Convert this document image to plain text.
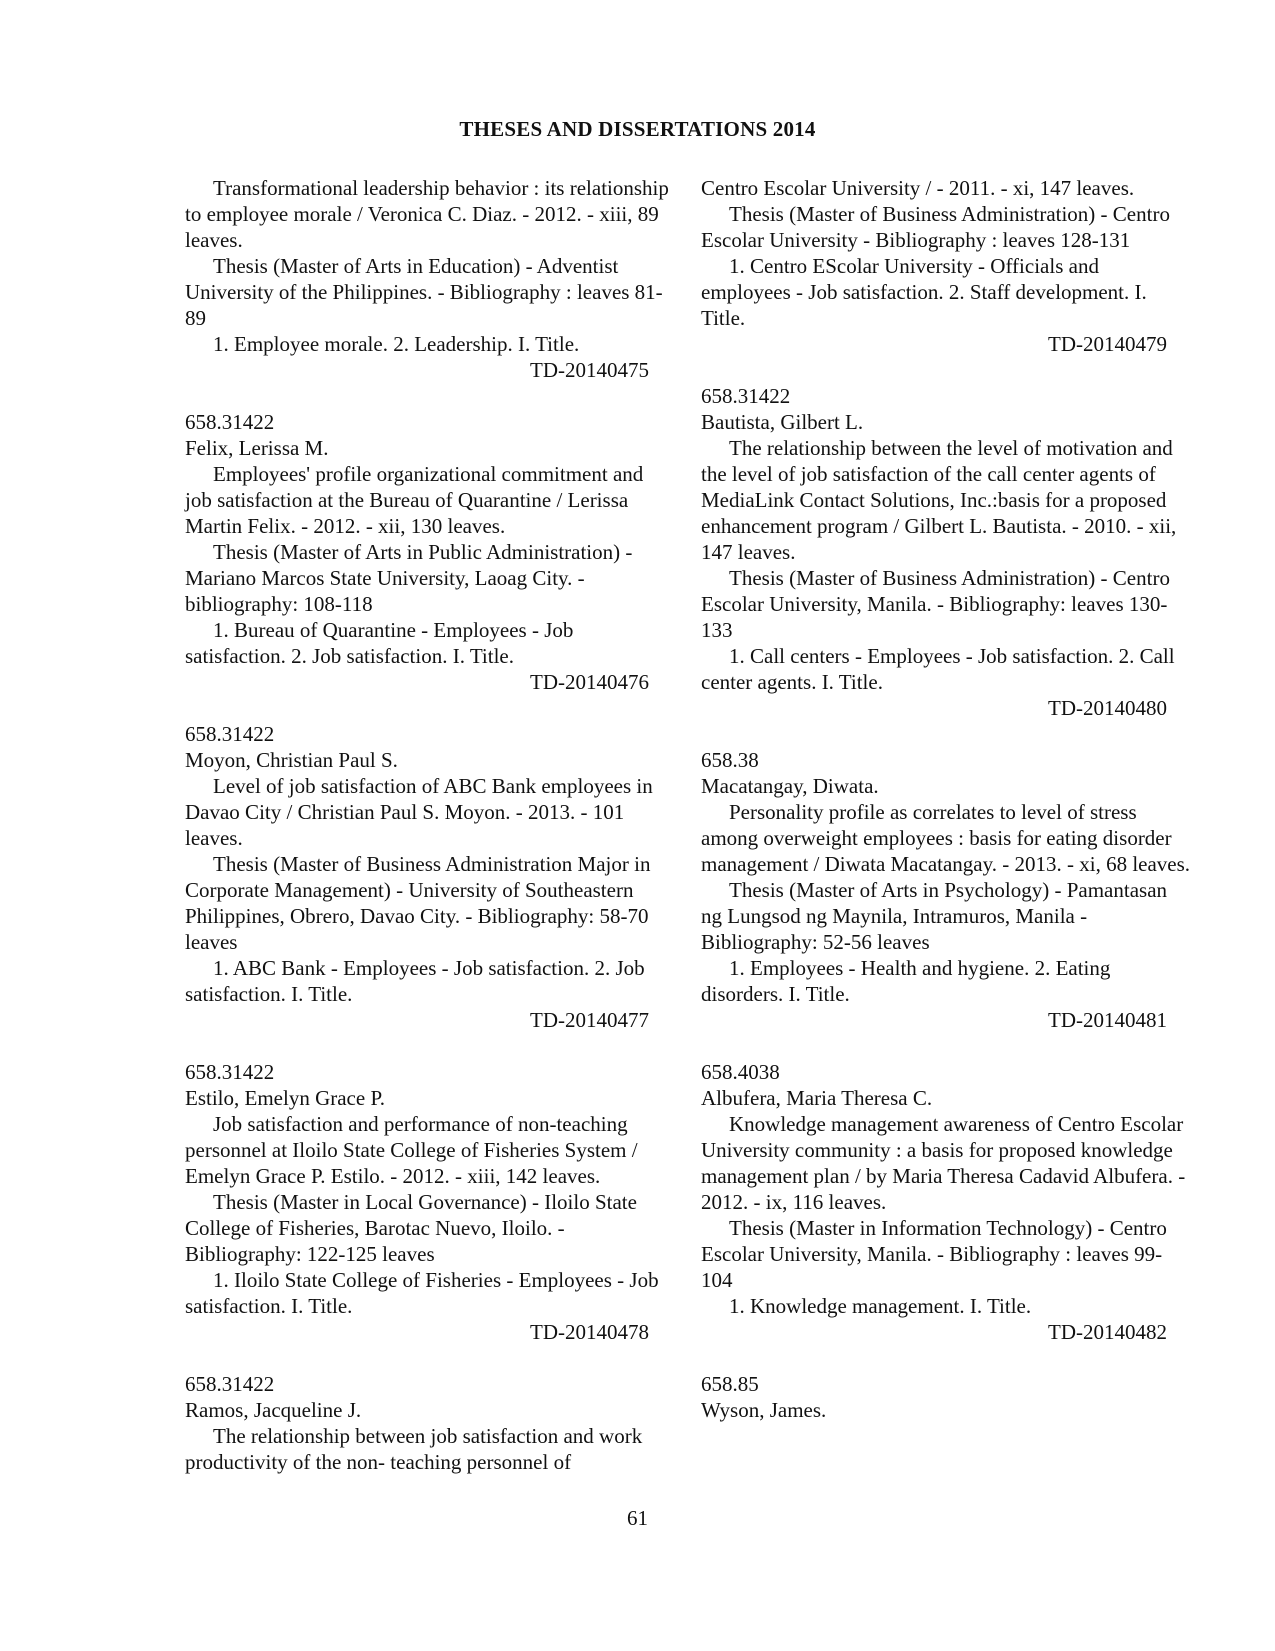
THESES AND DISSERTATIONS 2014

Transformational leadership behavior : its relationship to employee morale / Veronica C. Diaz. - 2012. - xiii, 89 leaves.

Thesis (Master of Arts in Education) - Adventist University of the Philippines. - Bibliography : leaves 81-89

1. Employee morale. 2. Leadership. I. Title.

TD-20140475

658.31422

Felix, Lerissa M.

Employees' profile organizational commitment and job satisfaction at the Bureau of Quarantine / Lerissa Martin Felix. - 2012. - xii, 130 leaves.

Thesis (Master of Arts in Public Administration) - Mariano Marcos State University, Laoag City. - bibliography: 108-118

1. Bureau of Quarantine - Employees - Job satisfaction. 2. Job satisfaction. I. Title.

TD-20140476

658.31422

Moyon, Christian Paul S.

Level of job satisfaction of ABC Bank employees in Davao City / Christian Paul S. Moyon. - 2013. - 101 leaves.

Thesis (Master of Business Administration Major in Corporate Management) - University of Southeastern Philippines, Obrero, Davao City. - Bibliography: 58-70 leaves

1. ABC Bank - Employees - Job satisfaction. 2. Job satisfaction. I. Title.

TD-20140477

658.31422

Estilo, Emelyn Grace P.

Job satisfaction and performance of non-teaching personnel at Iloilo State College of Fisheries System / Emelyn Grace P. Estilo. - 2012. - xiii, 142 leaves.

Thesis (Master in Local Governance) - Iloilo State College of Fisheries, Barotac Nuevo, Iloilo. - Bibliography: 122-125 leaves

1. Iloilo State College of Fisheries - Employees - Job satisfaction. I. Title.

TD-20140478

658.31422

Ramos, Jacqueline J.

The relationship between job satisfaction and work productivity of the non- teaching personnel of

Centro Escolar University / - 2011. - xi, 147 leaves.

Thesis (Master of Business Administration) - Centro Escolar University - Bibliography : leaves 128-131

1. Centro EScolar University - Officials and employees - Job satisfaction. 2. Staff development. I. Title.

TD-20140479

658.31422

Bautista, Gilbert L.

The relationship between the level of motivation and the level of job satisfaction of the call center agents of MediaLink Contact Solutions, Inc.:basis for a proposed enhancement program / Gilbert L. Bautista. - 2010. - xii, 147 leaves.

Thesis (Master of Business Administration) - Centro Escolar University, Manila. - Bibliography: leaves 130-133

1. Call centers - Employees - Job satisfaction. 2. Call center agents. I. Title.

TD-20140480

658.38

Macatangay, Diwata.

Personality profile as correlates to level of stress among overweight employees : basis for eating disorder management / Diwata Macatangay. - 2013. - xi, 68 leaves.

Thesis (Master of Arts in Psychology) - Pamantasan ng Lungsod ng Maynila, Intramuros, Manila - Bibliography: 52-56 leaves

1. Employees - Health and hygiene. 2. Eating disorders. I. Title.

TD-20140481

658.4038

Albufera, Maria Theresa C.

Knowledge management awareness of Centro Escolar University community : a basis for proposed knowledge management plan / by Maria Theresa Cadavid Albufera. - 2012. - ix, 116 leaves.

Thesis (Master in Information Technology) - Centro Escolar University, Manila. - Bibliography : leaves 99-104

1. Knowledge management. I. Title.

TD-20140482

658.85

Wyson, James.

61
